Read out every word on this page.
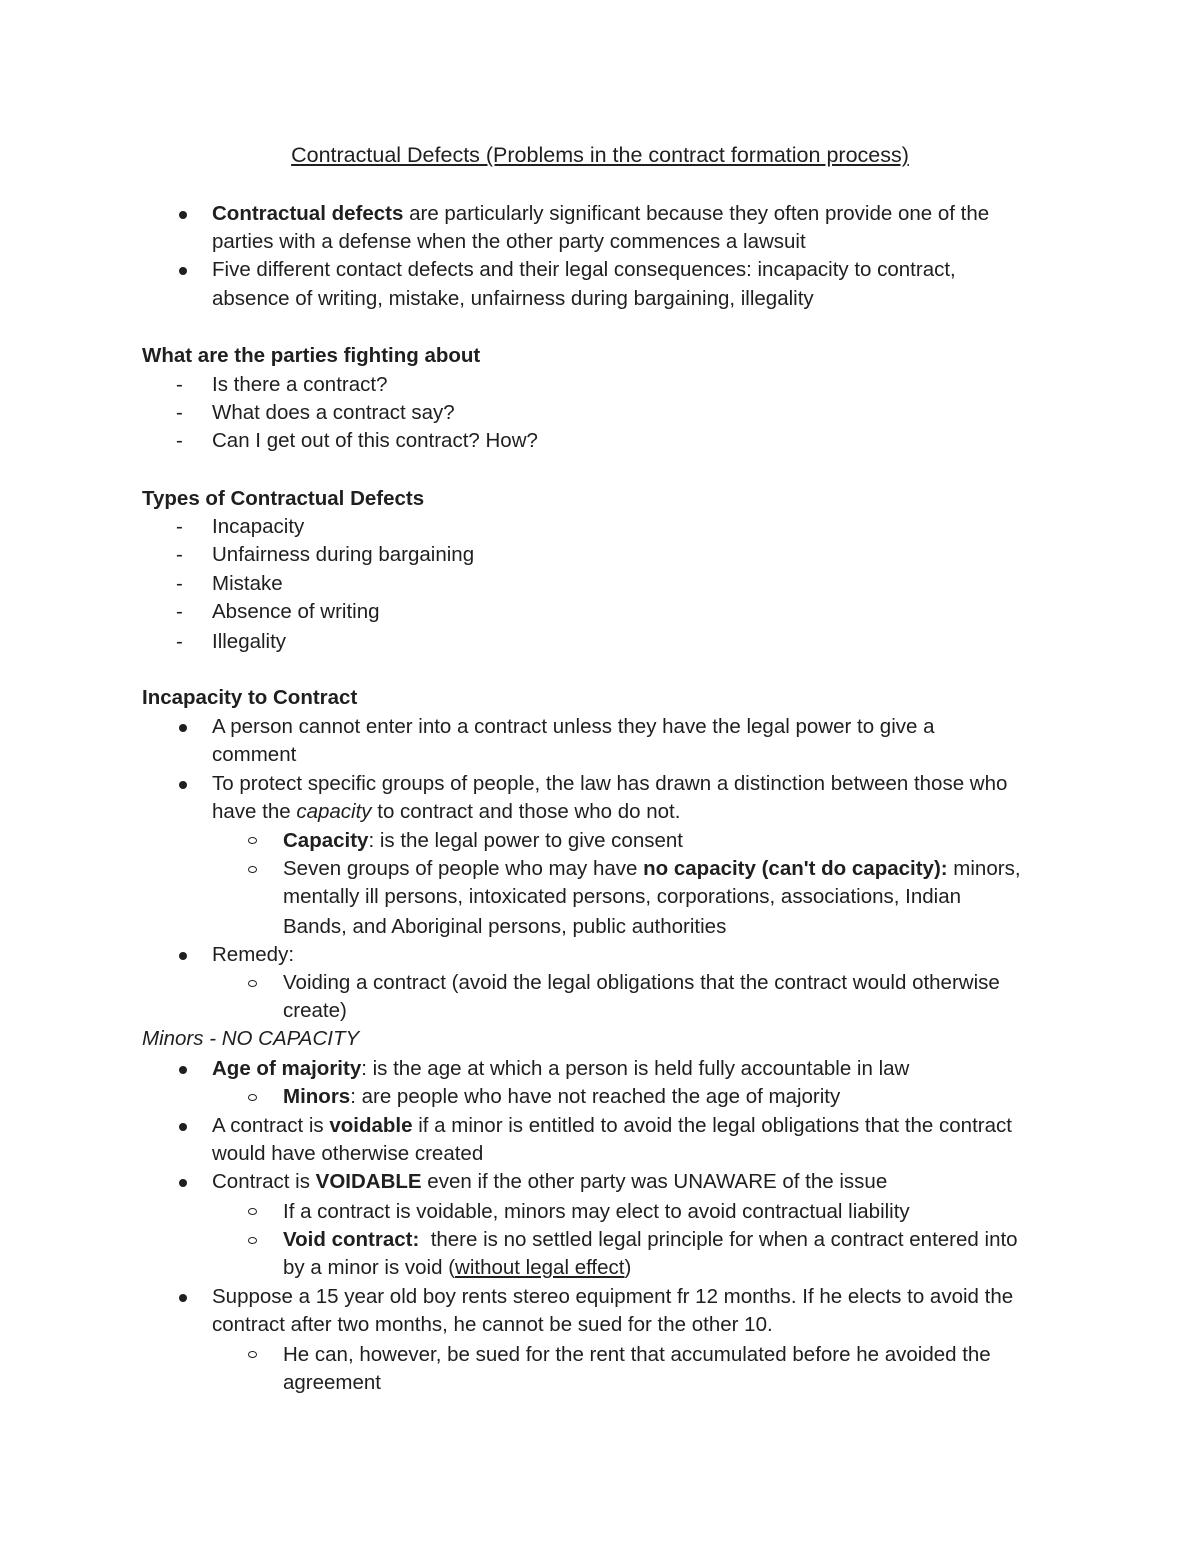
Contractual Defects (Problems in the contract formation process)
Contractual defects are particularly significant because they often provide one of the
parties with a defense when the other party commences a lawsuit
Five different contact defects and their legal consequences: incapacity to contract,
absence of writing, mistake, unfairness during bargaining, illegality
What are the parties fighting about
- Is there a contract?
- What does a contract say?
- Can I get out of this contract? How?
Types of Contractual Defects
- Incapacity
- Unfairness during bargaining
- Mistake
- Absence of writing
- Illegality
Incapacity to Contract
A person cannot enter into a contract unless they have the legal power to give a
comment
To protect specific groups of people, the law has drawn a distinction between those who
have the capacity to contract and those who do not.
Capacity: is the legal power to give consent
Seven groups of people who may have no capacity (can't do capacity): minors,
mentally ill persons, intoxicated persons, corporations, associations, Indian
Bands, and Aboriginal persons, public authorities
Remedy:
Voiding a contract (avoid the legal obligations that the contract would otherwise
create)
Minors - NO CAPACITY
Age of majority: is the age at which a person is held fully accountable in law
Minors: are people who have not reached the age of majority
A contract is voidable if a minor is entitled to avoid the legal obligations that the contract
would have otherwise created
Contract is VOIDABLE even if the other party was UNAWARE of the issue
If a contract is voidable, minors may elect to avoid contractual liability
Void contract:  there is no settled legal principle for when a contract entered into
by a minor is void (without legal effect)
Suppose a 15 year old boy rents stereo equipment fr 12 months. If he elects to avoid the
contract after two months, he cannot be sued for the other 10.
He can, however, be sued for the rent that accumulated before he avoided the
agreement
